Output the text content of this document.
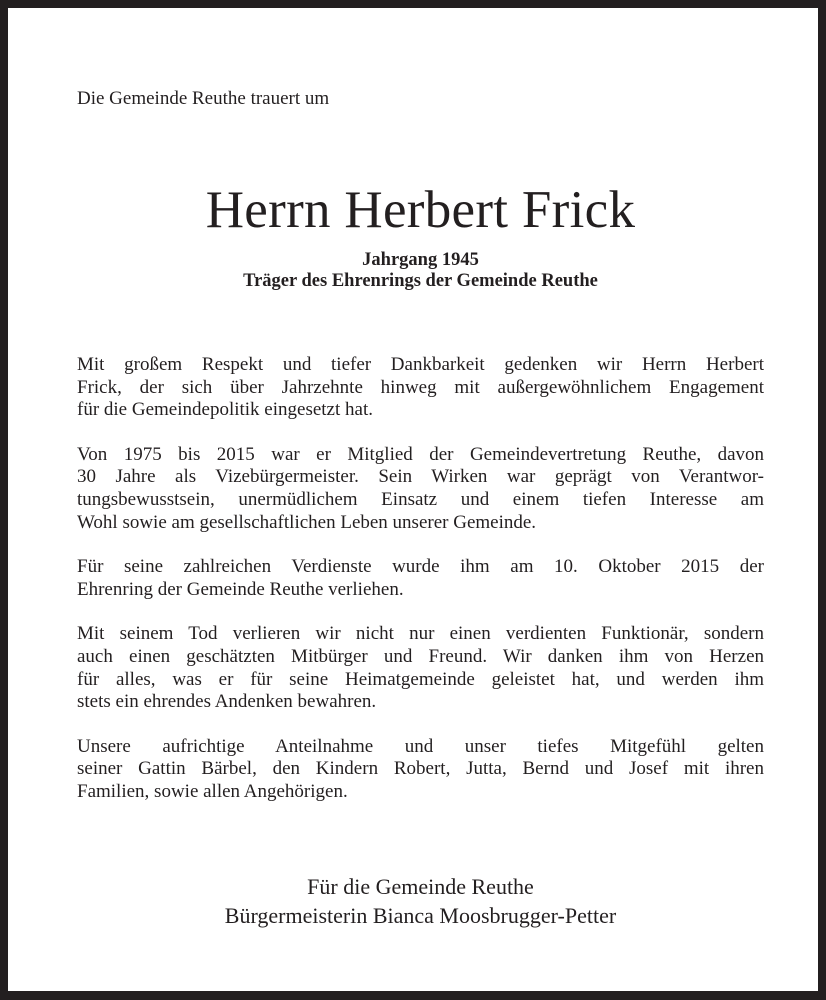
Die Gemeinde Reuthe trauert um

Herrn Herbert Frick
Jahrgang 1945
Träger des Ehrenrings der Gemeinde Reuthe

Mit großem Respekt und tiefer Dankbarkeit gedenken wir Herrn Herbert
Frick, der sich über Jahrzehnte hinweg mit außergewöhnlichem Engagement
für die Gemeindepolitik eingesetzt hat.

Von 1975 bis 2015 war er Mitglied der Gemeindevertretung Reuthe, davon
30 Jahre als Vizebürgermeister. Sein Wirken war geprägt von Verantwor-
tungsbewusstsein, unermüdlichem Einsatz und einem tiefen Interesse am
Wohl sowie am gesellschaftlichen Leben unserer Gemeinde.

Für seine zahlreichen Verdienste wurde ihm am 10. Oktober 2015 der
Ehrenring der Gemeinde Reuthe verliehen.

Mit seinem Tod verlieren wir nicht nur einen verdienten Funktionär, sondern
auch einen geschätzten Mitbürger und Freund. Wir danken ihm von Herzen
für alles, was er für seine Heimatgemeinde geleistet hat, und werden ihm
stets ein ehrendes Andenken bewahren.

Unsere aufrichtige Anteilnahme und unser tiefes Mitgefühl gelten
seiner Gattin Bärbel, den Kindern Robert, Jutta, Bernd und Josef mit ihren
Familien, sowie allen Angehörigen.

Für die Gemeinde Reuthe
Bürgermeisterin Bianca Moosbrugger-Petter
